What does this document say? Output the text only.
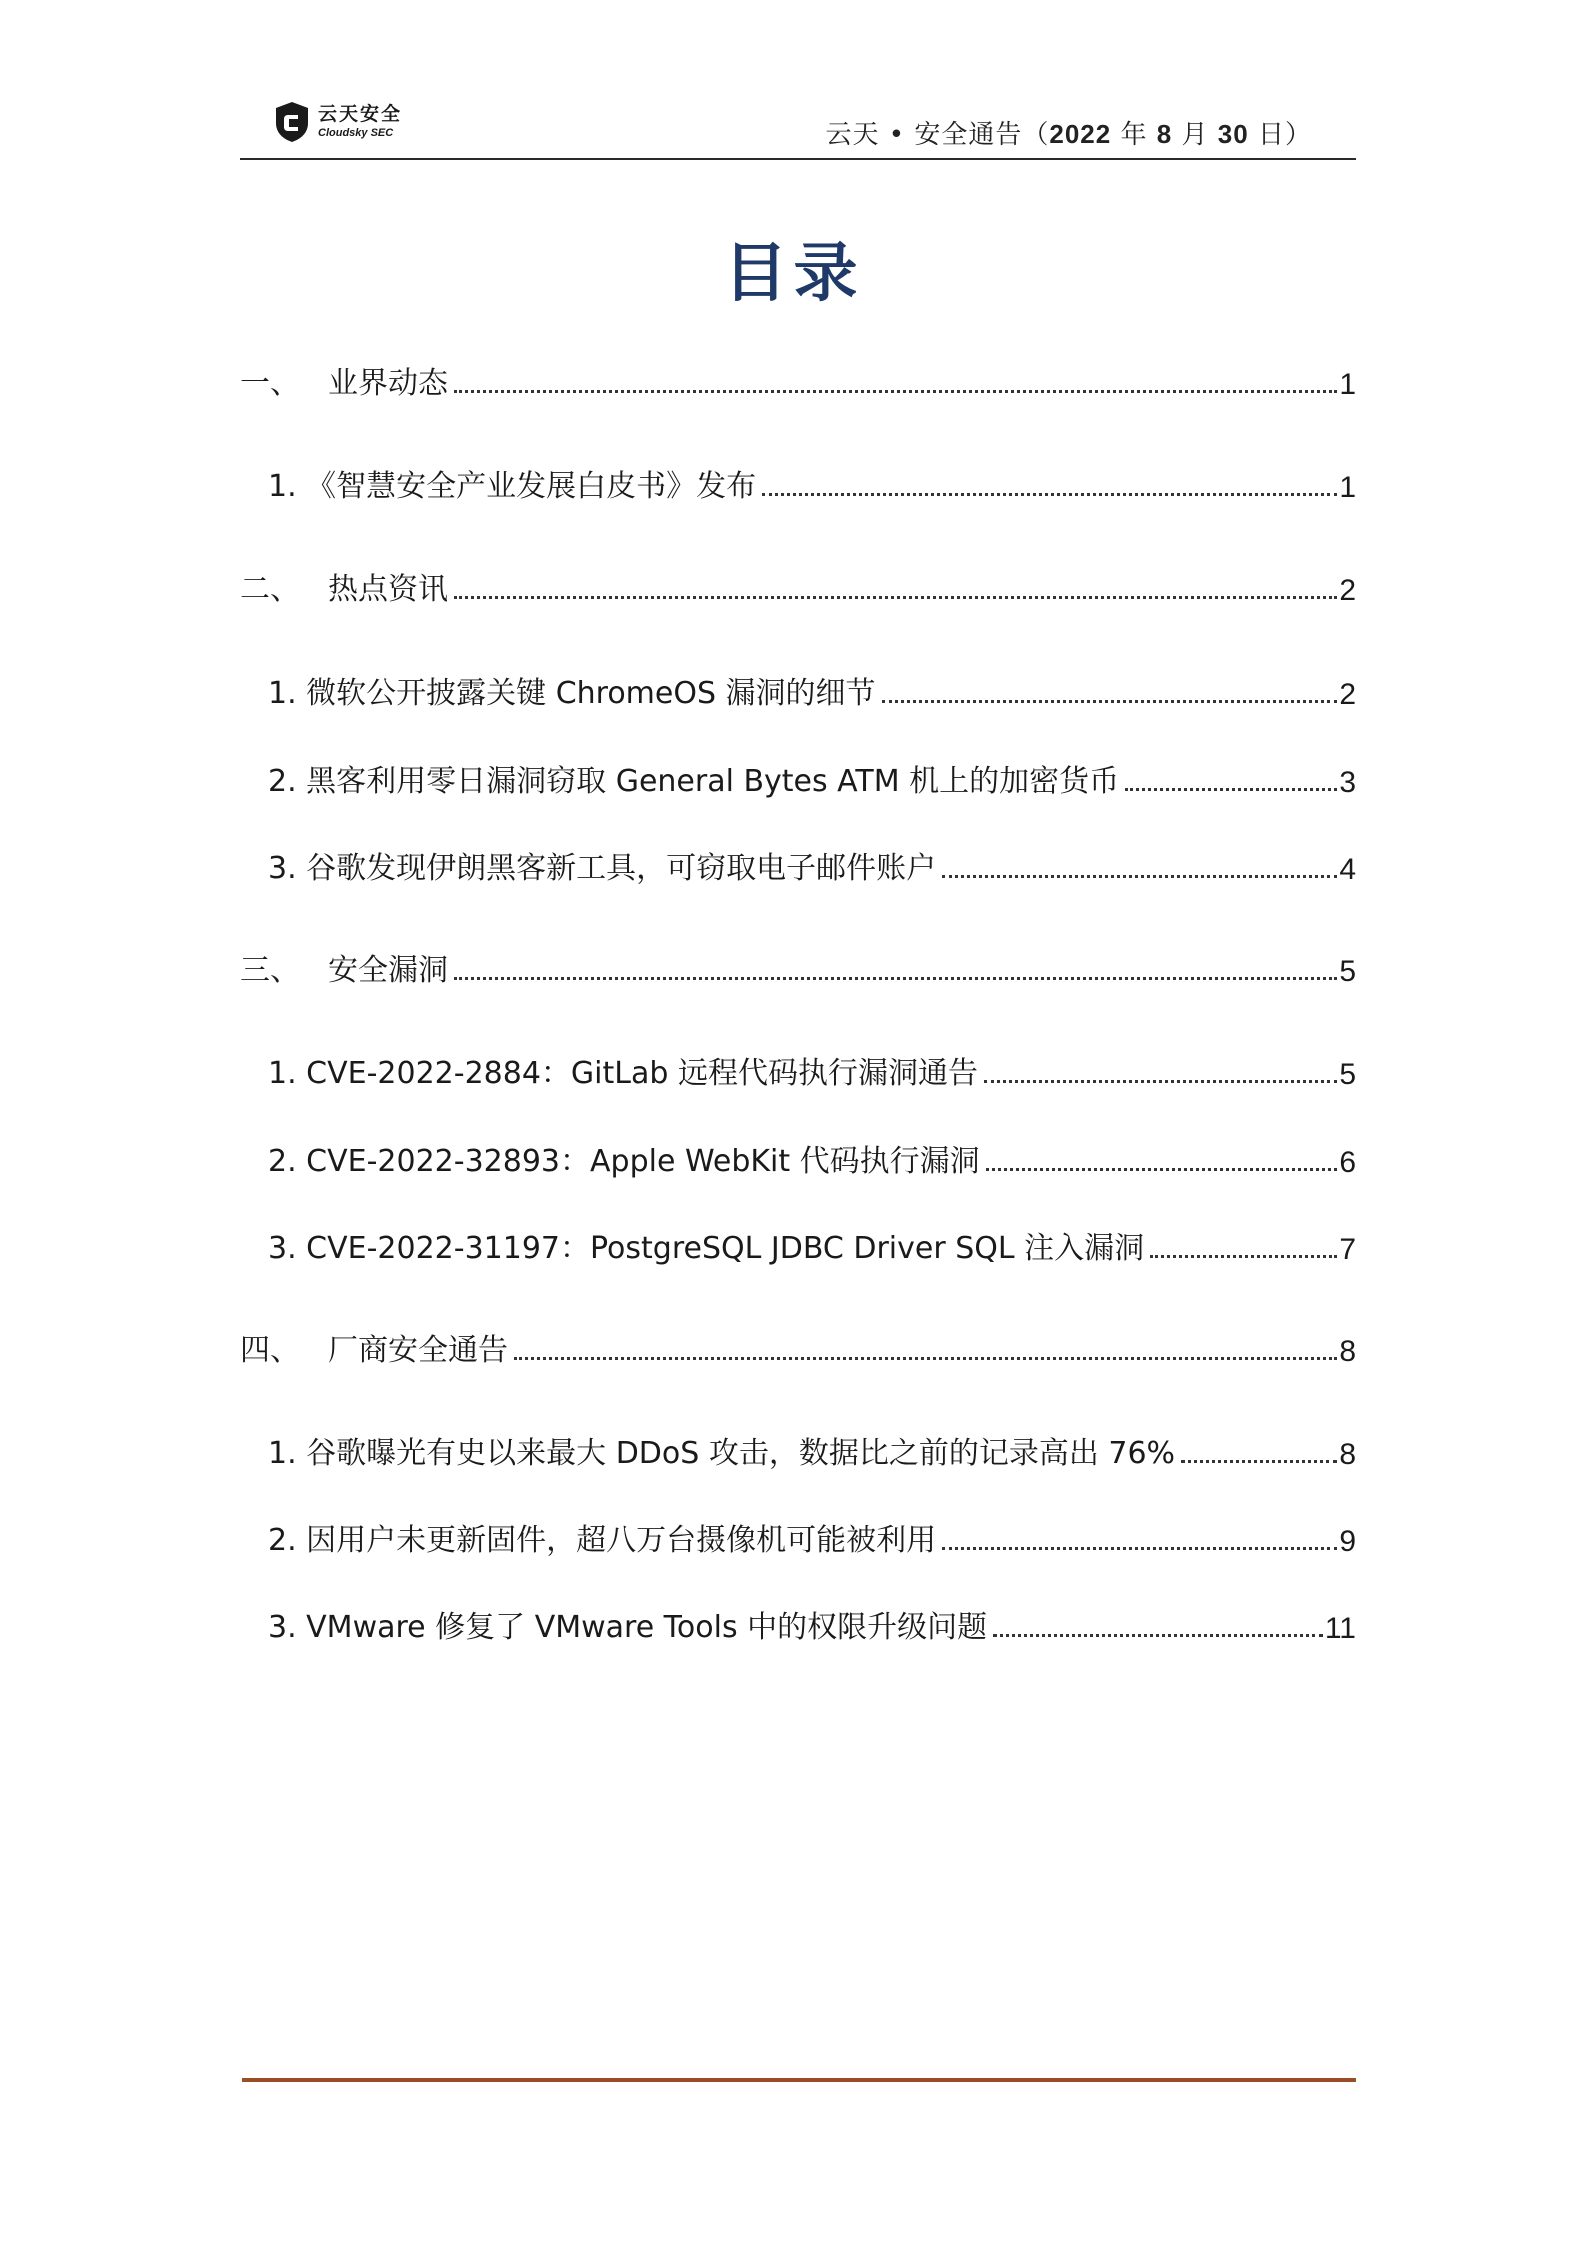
云天安全
Cloudsky SEC	云天 • 安全通告（2022 年 8 月 30 日）
目录
一、 业界动态	1
1. 《智慧安全产业发展白皮书》发布	1
二、 热点资讯	2
1. 微软公开披露关键 ChromeOS 漏洞的细节	2
2. 黑客利用零日漏洞窃取 General Bytes ATM 机上的加密货币	3
3. 谷歌发现伊朗黑客新工具，可窃取电子邮件账户	4
三、 安全漏洞	5
1. CVE-2022-2884：GitLab 远程代码执行漏洞通告	5
2. CVE-2022-32893：Apple WebKit 代码执行漏洞	6
3. CVE-2022-31197：PostgreSQL JDBC Driver SQL 注入漏洞	7
四、 厂商安全通告	8
1. 谷歌曝光有史以来最大 DDoS 攻击，数据比之前的记录高出 76%	8
2. 因用户未更新固件，超八万台摄像机可能被利用	9
3. VMware 修复了 VMware Tools 中的权限升级问题	11
